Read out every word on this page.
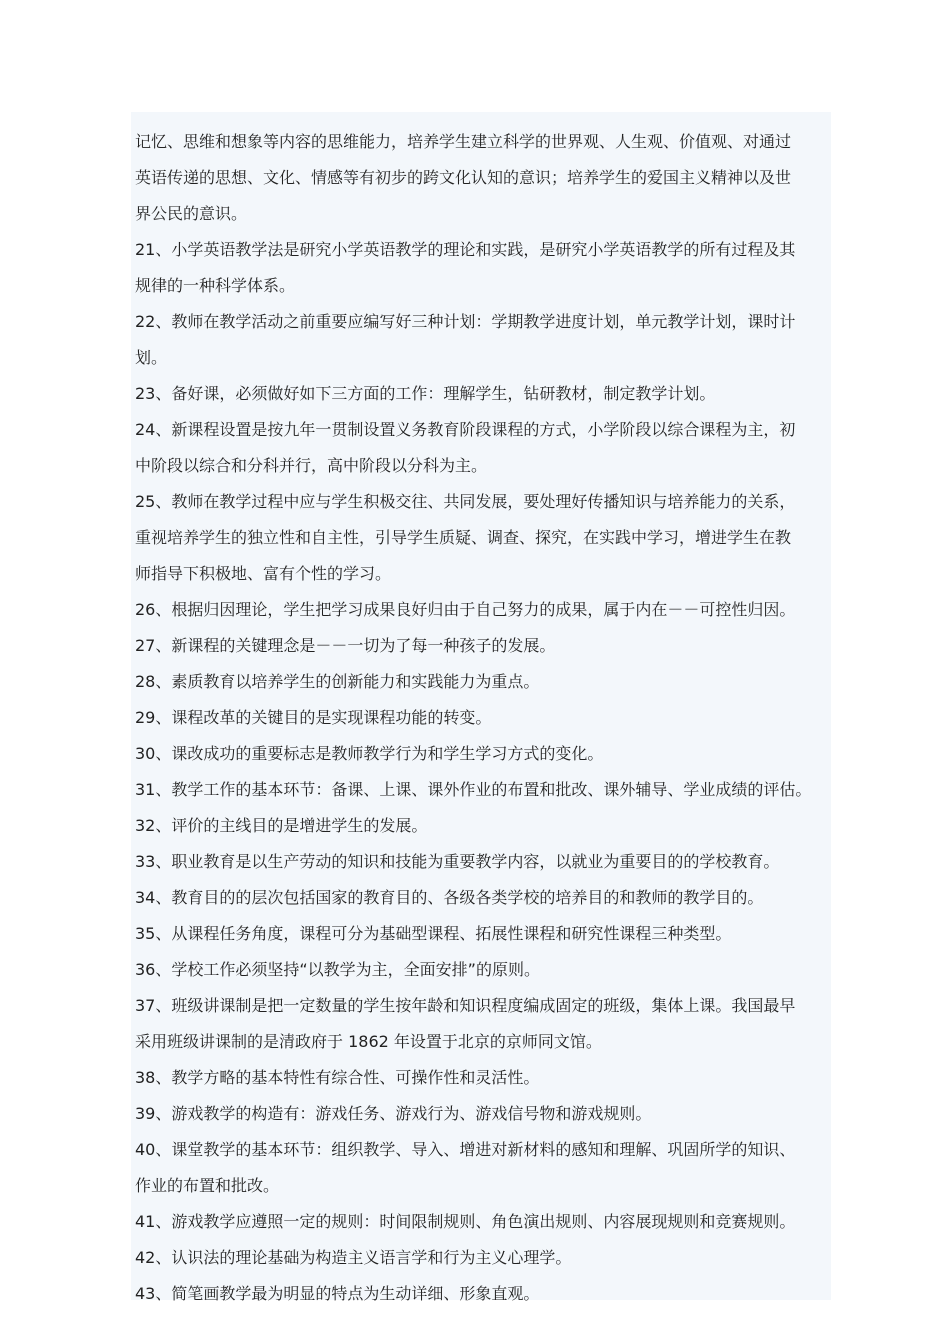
记忆、思维和想象等内容的思维能力，培养学生建立科学的世界观、人生观、价值观、对通过
英语传递的思想、文化、情感等有初步的跨文化认知的意识；培养学生的爱国主义精神以及世
界公民的意识。
21、小学英语教学法是研究小学英语教学的理论和实践，是研究小学英语教学的所有过程及其
规律的一种科学体系。
22、教师在教学活动之前重要应编写好三种计划：学期教学进度计划，单元教学计划，课时计
划。
23、备好课，必须做好如下三方面的工作：理解学生，钻研教材，制定教学计划。
24、新课程设置是按九年一贯制设置义务教育阶段课程的方式，小学阶段以综合课程为主，初
中阶段以综合和分科并行，高中阶段以分科为主。
25、教师在教学过程中应与学生积极交往、共同发展，要处理好传播知识与培养能力的关系，
重视培养学生的独立性和自主性，引导学生质疑、调查、探究，在实践中学习，增进学生在教
师指导下积极地、富有个性的学习。
26、根据归因理论，学生把学习成果良好归由于自己努力的成果，属于内在－－可控性归因。
27、新课程的关键理念是－－一切为了每一种孩子的发展。
28、素质教育以培养学生的创新能力和实践能力为重点。
29、课程改革的关键目的是实现课程功能的转变。
30、课改成功的重要标志是教师教学行为和学生学习方式的变化。
31、教学工作的基本环节：备课、上课、课外作业的布置和批改、课外辅导、学业成绩的评估。
32、评价的主线目的是增进学生的发展。
33、职业教育是以生产劳动的知识和技能为重要教学内容，以就业为重要目的的学校教育。
34、教育目的的层次包括国家的教育目的、各级各类学校的培养目的和教师的教学目的。
35、从课程任务角度，课程可分为基础型课程、拓展性课程和研究性课程三种类型。
36、学校工作必须坚持“以教学为主，全面安排”的原则。
37、班级讲课制是把一定数量的学生按年龄和知识程度编成固定的班级，集体上课。我国最早
采用班级讲课制的是清政府于 1862 年设置于北京的京师同文馆。
38、教学方略的基本特性有综合性、可操作性和灵活性。
39、游戏教学的构造有：游戏任务、游戏行为、游戏信号物和游戏规则。
40、课堂教学的基本环节：组织教学、导入、增进对新材料的感知和理解、巩固所学的知识、
作业的布置和批改。
41、游戏教学应遵照一定的规则：时间限制规则、角色演出规则、内容展现规则和竞赛规则。
42、认识法的理论基础为构造主义语言学和行为主义心理学。
43、简笔画教学最为明显的特点为生动详细、形象直观。
